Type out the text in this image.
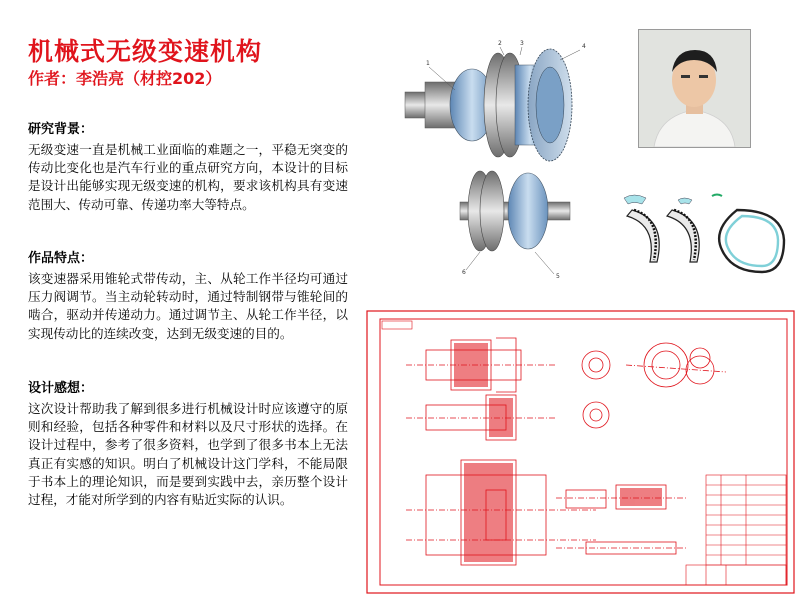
机械式无级变速机构
作者：李浩亮（材控202）
研究背景：

无级变速一直是机械工业面临的难题之一，平稳无突变的传动比变化也是汽车行业的重点研究方向，本设计的目标是设计出能够实现无级变速的机构，要求该机构具有变速范围大、传动可靠、传递功率大等特点。

作品特点：

该变速器采用锥轮式带传动，主、从轮工作半径均可通过压力阀调节。当主动轮转动时，通过特制钢带与锥轮间的啮合，驱动并传递动力。通过调节主、从轮工作半径，以实现传动比的连续改变，达到无级变速的目的。

设计感想：

这次设计帮助我了解到很多进行机械设计时应该遵守的原则和经验，包括各种零件和材料以及尺寸形状的选择。在设计过程中，参考了很多资料，也学到了很多书本上无法真正有实感的知识。明白了机械设计这门学科，不能局限于书本上的理论知识，而是要到实践中去，亲历整个设计过程，才能对所学到的内容有贴近实际的认识。

1
2	3	4
5
6
